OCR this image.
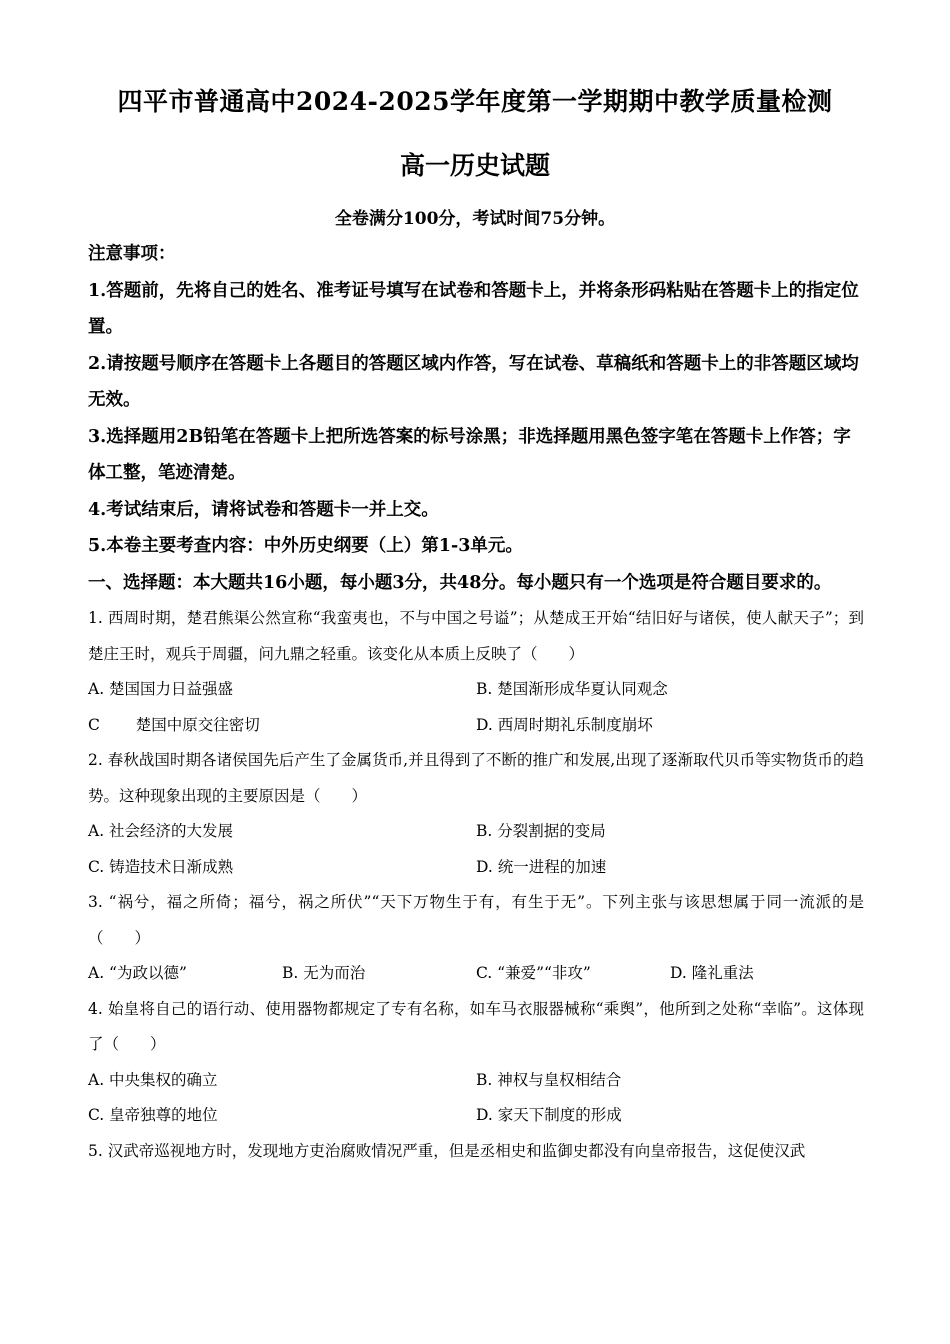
四平市普通高中2024-2025学年度第一学期期中教学质量检测
高一历史试题
全卷满分100分，考试时间75分钟。

注意事项：

1.答题前，先将自己的姓名、准考证号填写在试卷和答题卡上，并将条形码粘贴在答题卡上的指定位置。

2.请按题号顺序在答题卡上各题目的答题区域内作答，写在试卷、草稿纸和答题卡上的非答题区域均无效。

3.选择题用2B铅笔在答题卡上把所选答案的标号涂黑；非选择题用黑色签字笔在答题卡上作答；字体工整，笔迹清楚。

4.考试结束后，请将试卷和答题卡一并上交。

5.本卷主要考查内容：中外历史纲要（上）第1-3单元。

一、选择题：本大题共16小题，每小题3分，共48分。每小题只有一个选项是符合题目要求的。

1. 西周时期，楚君熊渠公然宣称“我蛮夷也，不与中国之号谥”；从楚成王开始“结旧好与诸侯，使人献天子”；到楚庄王时，观兵于周疆，问九鼎之轻重。该变化从本质上反映了（　　）

A. 楚国国力日益强盛	B. 楚国渐形成华夏认同观念
C　　 楚国中原交往密切	D. 西周时期礼乐制度崩坏

2. 春秋战国时期各诸侯国先后产生了金属货币,并且得到了不断的推广和发展,出现了逐渐取代贝币等实物货币的趋势。这种现象出现的主要原因是（　　）

A. 社会经济的大发展	B. 分裂割据的变局
C. 铸造技术日渐成熟	D. 统一进程的加速

3. “祸兮，福之所倚；福兮，祸之所伏”“天下万物生于有，有生于无”。下列主张与该思想属于同一流派的是（　　）

A. “为政以德”	B. 无为而治	C. “兼爱”“非攻”	D. 隆礼重法

4. 始皇将自己的语行动、使用器物都规定了专有名称，如车马衣服器械称“乘舆”，他所到之处称“幸临”。这体现了（　　）

A. 中央集权的确立	B. 神权与皇权相结合
C. 皇帝独尊的地位	D. 家天下制度的形成

5. 汉武帝巡视地方时，发现地方吏治腐败情况严重，但是丞相史和监御史都没有向皇帝报告，这促使汉武
